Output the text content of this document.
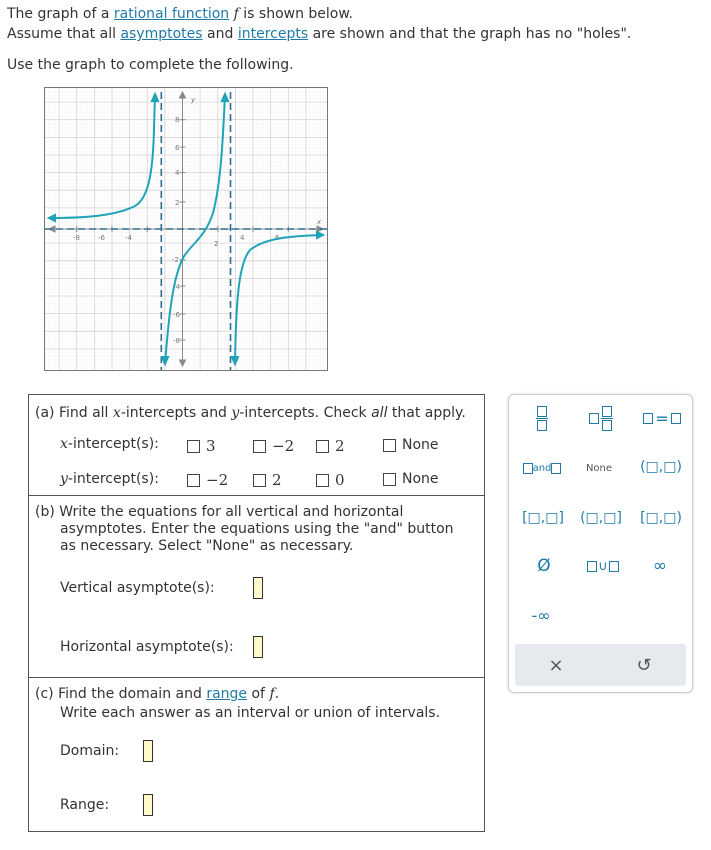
The graph of a rational function f is shown below.

Assume that all asymptotes and intercepts are shown and that the graph has no "holes".

Use the graph to complete the following.
-8	-6	-4
2
4	6
8
6
4
2
-2
-4
-6
-8
x
y
(a) Find all x-intercepts and y-intercepts. Check all that apply.
x-intercept(s):	3	−2	2	None
y-intercept(s):	−2	2	0	None
(b) Write the equations for all vertical and horizontal
asymptotes. Enter the equations using the "and" button
as necessary. Select "None" as necessary.
Vertical asymptote(s):
Horizontal asymptote(s):
(c) Find the domain and range of f.
Write each answer as an interval or union of intervals.
Domain:
Range:
=
and	None	(□,□)
[□,□]	(□,□]	[□,□)
Ø	∪	∞
-∞
×	↺
